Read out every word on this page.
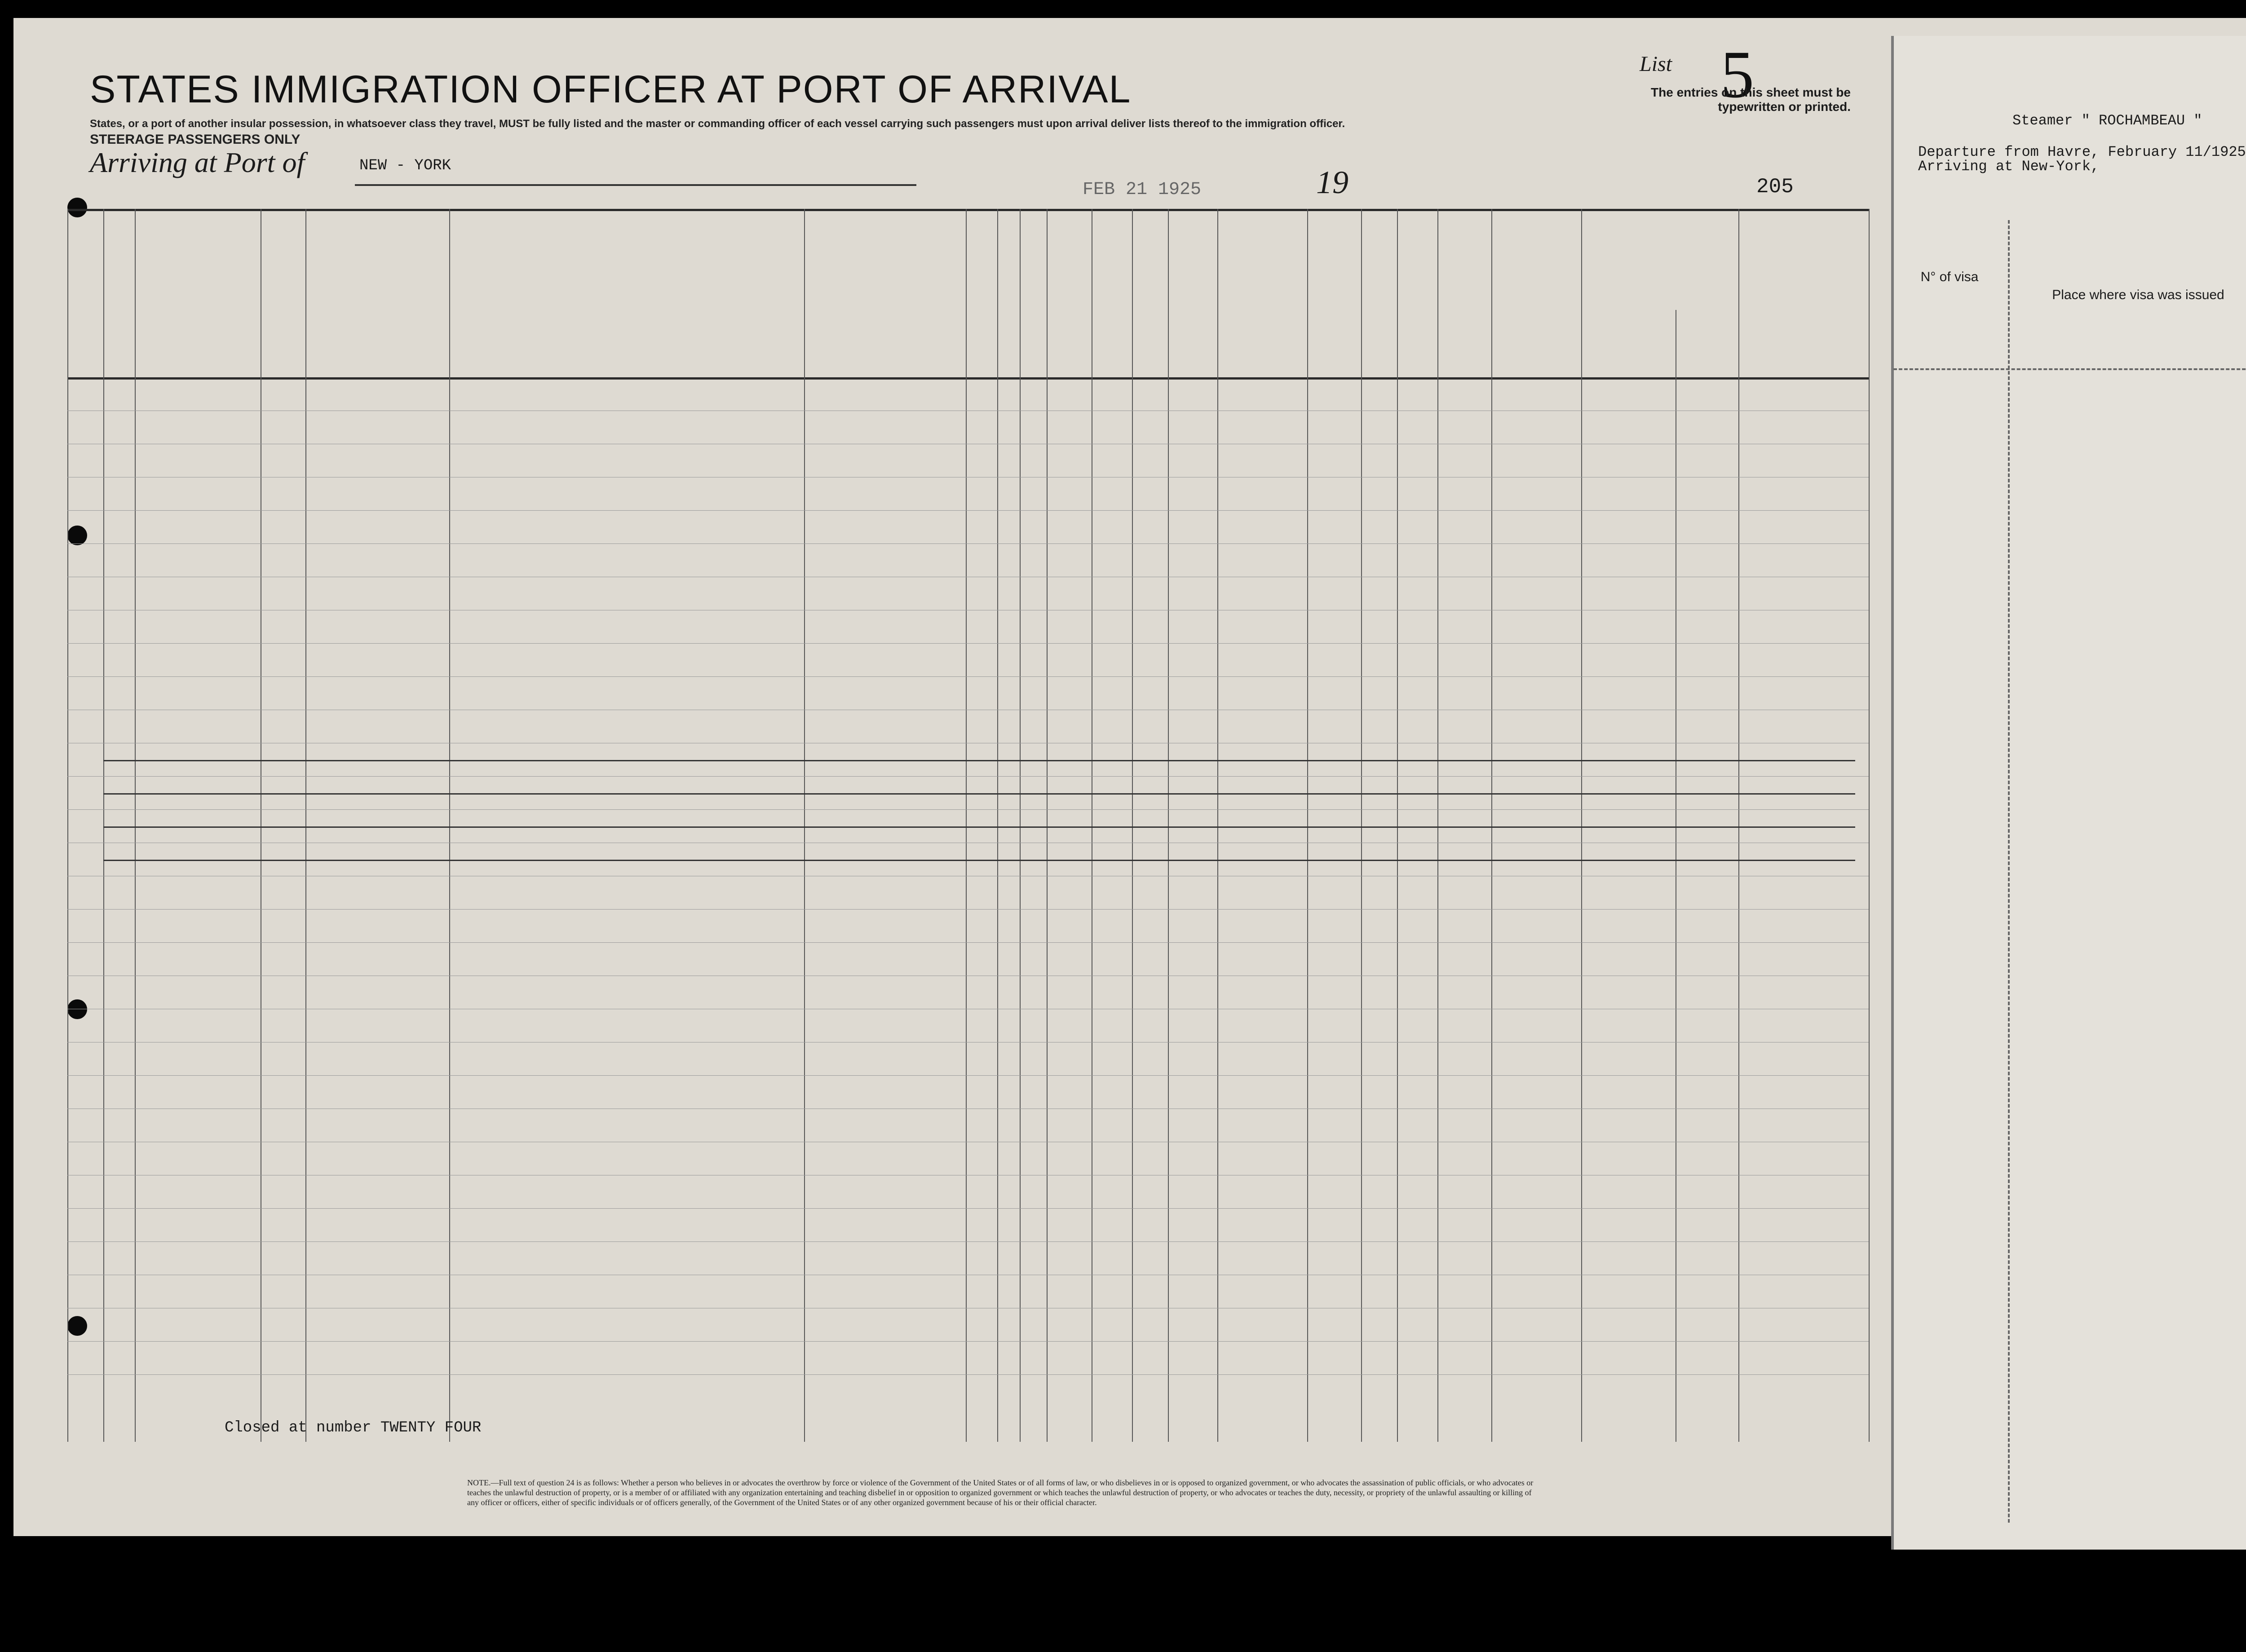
STATES IMMIGRATION OFFICER AT PORT OF ARRIVAL
States, or a port of another insular possession, in whatsoever class they travel, MUST be fully listed and the master or commanding officer of each vessel carrying such passengers must upon arrival deliver lists thereof to the immigration officer.
STEERAGE PASSENGERS ONLY
List 5
The entries on this sheet must be typewritten or printed.
Arriving at Port of	NEW - YORK
FEB 21 1925	19	205
Closed at number TWENTY FOUR
NOTE.—Full text of question 24 is as follows: Whether a person who believes in or advocates the overthrow by force or violence of the Government of the United States or of all forms of law, or who disbelieves in or is opposed to organized government, or who advocates the assassination of public officials, or who advocates or teaches the unlawful destruction of property, or is a member of or affiliated with any organization entertaining and teaching disbelief in or opposition to organized government or which teaches the unlawful destruction of property, or who advocates or teaches the duty, necessity, or propriety of the unlawful assaulting or killing of any officer or officers, either of specific individuals or of officers generally, of the Government of the United States or of any other organized government because of his or their official character.
Steamer " ROCHAMBEAU "
Departure from Havre, February 11/1925
Arriving at New-York,
N° of visa
Place where visa was issued
